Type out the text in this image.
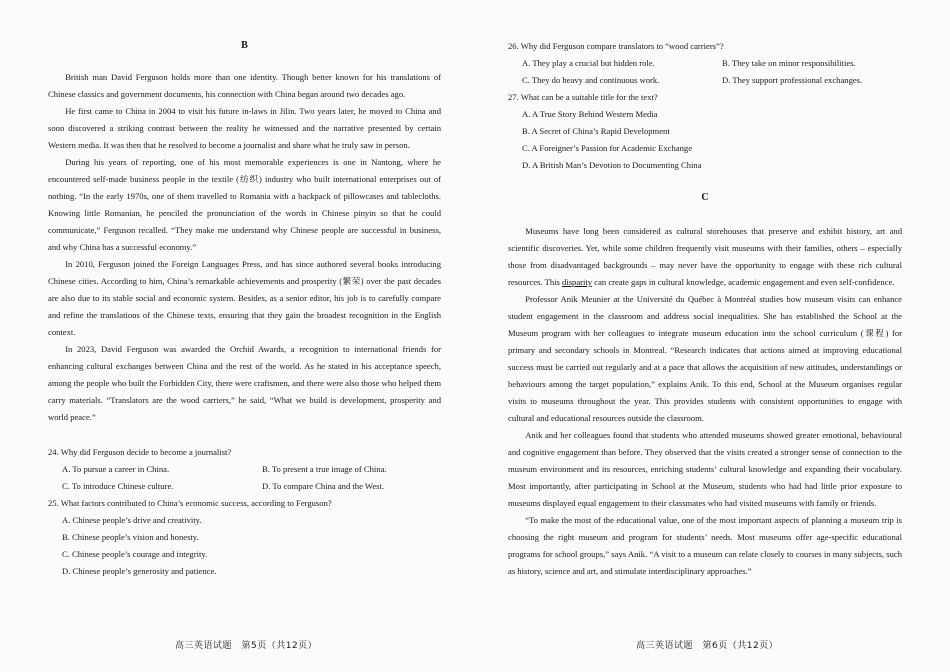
B

British man David Ferguson holds more than one identity. Though better known for his translations of Chinese classics and government documents, his connection with China began around two decades ago.

He first came to China in 2004 to visit his future in-laws in Jilin. Two years later, he moved to China and soon discovered a striking contrast between the reality he witnessed and the narrative presented by certain Western media. It was then that he resolved to become a journalist and share what he truly saw in person.

During his years of reporting, one of his most memorable experiences is one in Nantong, where he encountered self-made business people in the textile (纺织) industry who built international enterprises out of nothing. “In the early 1970s, one of them travelled to Romania with a backpack of pillowcases and tablecloths. Knowing little Romanian, he penciled the pronunciation of the words in Chinese pinyin so that he could communicate,” Ferguson recalled. “They make me understand why Chinese people are successful in business, and why China has a successful economy.”

In 2010, Ferguson joined the Foreign Languages Press, and has since authored several books introducing Chinese cities. According to him, China’s remarkable achievements and prosperity (繁荣) over the past decades are also due to its stable social and economic system. Besides, as a senior editor, his job is to carefully compare and refine the translations of the Chinese texts, ensuring that they gain the broadest recognition in the English context.

In 2023, David Ferguson was awarded the Orchid Awards, a recognition to international friends for enhancing cultural exchanges between China and the rest of the world. As he stated in his acceptance speech, among the people who built the Forbidden City, there were craftsmen, and there were also those who helped them carry materials. “Translators are the wood carriers,” he said, “What we build is development, prosperity and world peace.”

24. Why did Ferguson decide to become a journalist?

A. To pursue a career in China.	B. To present a true image of China.
C. To introduce Chinese culture.	D. To compare China and the West.

25. What factors contributed to China’s economic success, according to Ferguson?

A. Chinese people’s drive and creativity.
B. Chinese people’s vision and honesty.
C. Chinese people’s courage and integrity.
D. Chinese people’s generosity and patience.
高三英语试题　第5页（共12页）

26. Why did Ferguson compare translators to “wood carriers”?

A. They play a crucial but hidden role.	B. They take on minor responsibilities.
C. They do heavy and continuous work.	D. They support professional exchanges.

27. What can be a suitable title for the text?

A. A True Story Behind Western Media
B. A Secret of China’s Rapid Development
C. A Foreigner’s Passion for Academic Exchange
D. A British Man’s Devotion to Documenting China
C

Museums have long been considered as cultural storehouses that preserve and exhibit history, art and scientific discoveries. Yet, while some children frequently visit museums with their families, others – especially those from disadvantaged backgrounds – may never have the opportunity to engage with these rich cultural resources. This disparity can create gaps in cultural knowledge, academic engagement and even self-confidence.

Professor Anik Meunier at the Université du Québec à Montréal studies how museum visits can enhance student engagement in the classroom and address social inequalities. She has established the School at the Museum program with her colleagues to integrate museum education into the school curriculum (课程) for primary and secondary schools in Montreal. “Research indicates that actions aimed at improving educational success must be carried out regularly and at a pace that allows the acquisition of new attitudes, understandings or behaviours among the target population,” explains Anik. To this end, School at the Museum organises regular visits to museums throughout the year. This provides students with consistent opportunities to engage with cultural and educational resources outside the classroom.

Anik and her colleagues found that students who attended museums showed greater emotional, behavioural and cognitive engagement than before. They observed that the visits created a stronger sense of connection to the museum environment and its resources, enriching students’ cultural knowledge and expanding their vocabulary. Most importantly, after participating in School at the Museum, students who had had little prior exposure to museums displayed equal engagement to their classmates who had visited museums with family or friends.

“To make the most of the educational value, one of the most important aspects of planning a museum trip is choosing the right museum and program for students’ needs. Most museums offer age-specific educational programs for school groups,” says Anik. “A visit to a museum can relate closely to courses in many subjects, such as history, science and art, and stimulate interdisciplinary approaches.”

高三英语试题　第6页（共12页）
